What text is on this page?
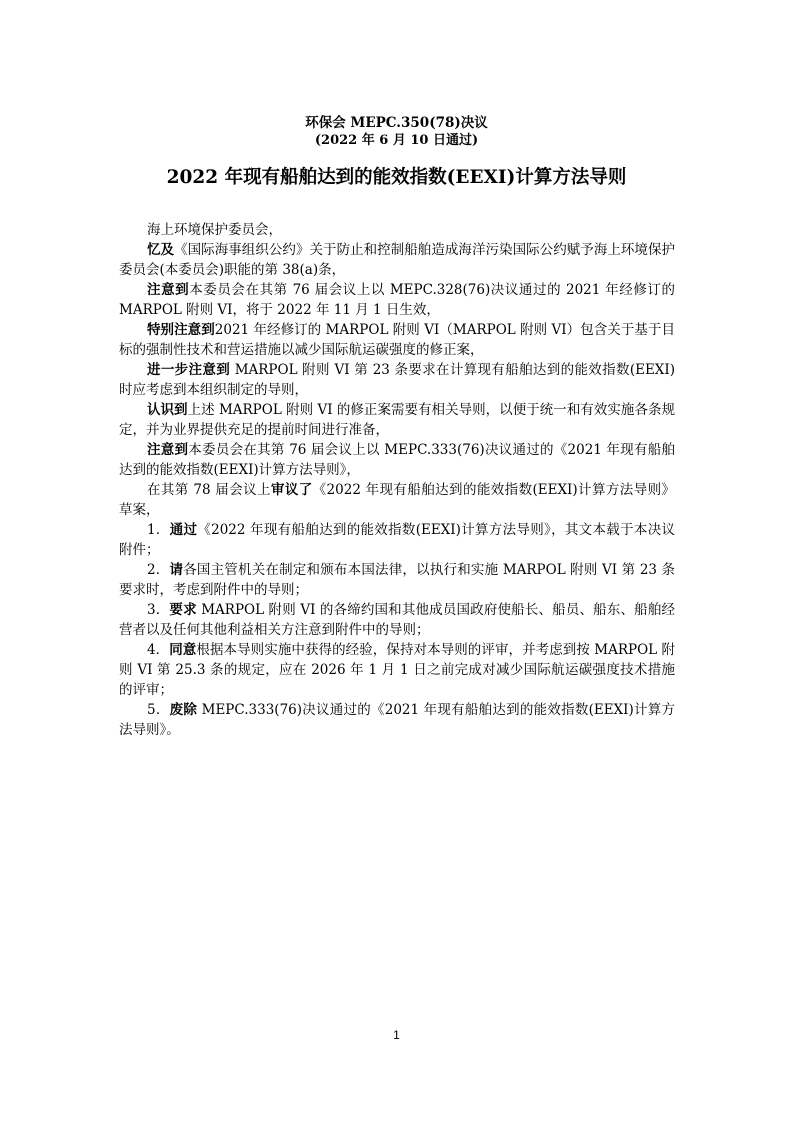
环保会 MEPC.350(78)决议
(2022 年 6 月 10 日通过)
2022 年现有船舶达到的能效指数(EEXI)计算方法导则

海上环境保护委员会，

忆及《国际海事组织公约》关于防止和控制船舶造成海洋污染国际公约赋予海上环境保护委员会(本委员会)职能的第 38(a)条，

注意到本委员会在其第 76 届会议上以 MEPC.328(76)决议通过的 2021 年经修订的 MARPOL 附则 VI，将于 2022 年 11 月 1 日生效，

特别注意到2021 年经修订的 MARPOL 附则 VI（MARPOL 附则 VI）包含关于基于目标的强制性技术和营运措施以减少国际航运碳强度的修正案，

进一步注意到 MARPOL 附则 VI 第 23 条要求在计算现有船舶达到的能效指数(EEXI)时应考虑到本组织制定的导则，

认识到上述 MARPOL 附则 VI 的修正案需要有相关导则，以便于统一和有效实施各条规定，并为业界提供充足的提前时间进行准备，

注意到本委员会在其第 76 届会议上以 MEPC.333(76)决议通过的《2021 年现有船舶达到的能效指数(EEXI)计算方法导则》，

在其第 78 届会议上审议了《2022 年现有船舶达到的能效指数(EEXI)计算方法导则》草案，

1．通过《2022 年现有船舶达到的能效指数(EEXI)计算方法导则》，其文本载于本决议附件；

2．请各国主管机关在制定和颁布本国法律，以执行和实施 MARPOL 附则 VI 第 23 条要求时，考虑到附件中的导则；

3．要求 MARPOL 附则 VI 的各缔约国和其他成员国政府使船长、船员、船东、船舶经营者以及任何其他利益相关方注意到附件中的导则；

4．同意根据本导则实施中获得的经验，保持对本导则的评审，并考虑到按 MARPOL 附则 VI 第 25.3 条的规定，应在 2026 年 1 月 1 日之前完成对减少国际航运碳强度技术措施的评审；

5．废除 MEPC.333(76)决议通过的《2021 年现有船舶达到的能效指数(EEXI)计算方法导则》。

1
